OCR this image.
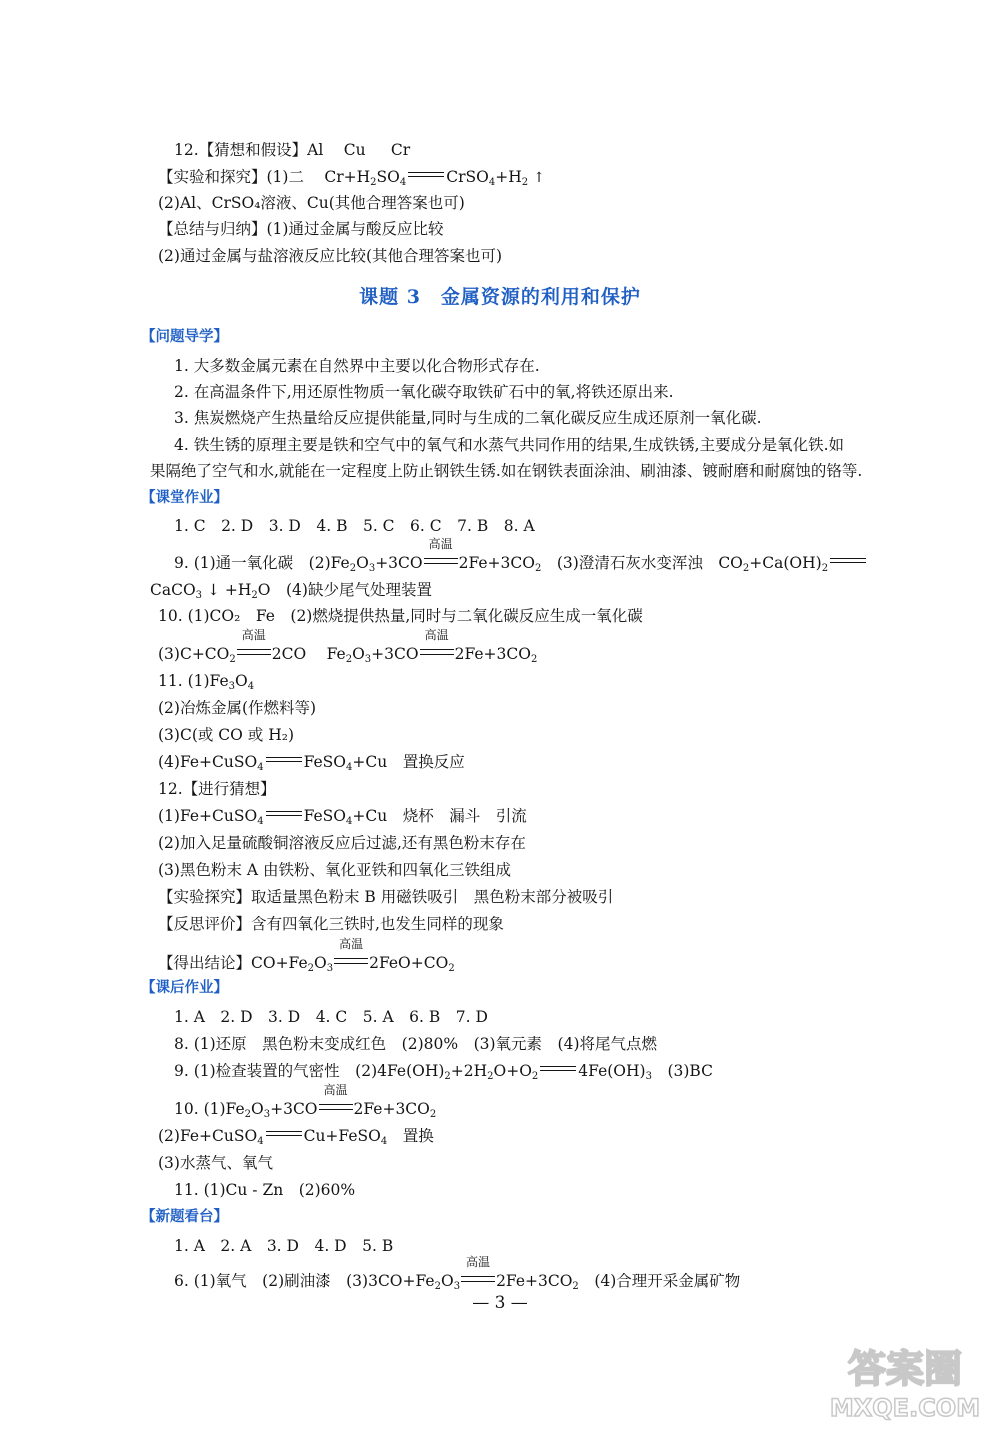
12.【猜想和假设】Al　 Cu 　 Cr
【实验和探究】(1)二　 $Cr+H_2SO_4$	$CrSO_4+H_2$ ↑
(2)Al、CrSO₄溶液、Cu(其他合理答案也可)
【总结与归纳】(1)通过金属与酸反应比较
(2)通过金属与盐溶液反应比较(其他合理答案也可)
课题 3　金属资源的利用和保护
【问题导学】
1. 大多数金属元素在自然界中主要以化合物形式存在.
2. 在高温条件下,用还原性物质一氧化碳夺取铁矿石中的氧,将铁还原出来.
3. 焦炭燃烧产生热量给反应提供能量,同时与生成的二氧化碳反应生成还原剂一氧化碳.
4. 铁生锈的原理主要是铁和空气中的氧气和水蒸气共同作用的结果,生成铁锈,主要成分是氧化铁.如
果隔绝了空气和水,就能在一定程度上防止钢铁生锈.如在钢铁表面涂油、刷油漆、镀耐磨和耐腐蚀的铬等.
【课堂作业】
1. C　2. D　3. D　4. B　5. C　6. C　7. B　8. A
9. (1)通一氧化碳　$(2)Fe_2O_3+3CO$
高温
$2Fe+3CO_2$　 (3)澄清石灰水变浑浊　$CO_2+Ca(OH)_2$
CaCO$_3$ ↓ $+H_2O$　(4)缺少尾气处理装置
10. (1)CO₂　Fe　(2)燃烧提供热量,同时与二氧化碳反应生成一氧化碳
$(3)C+CO_2$
高温
2CO　 $Fe_2O_3+3CO$
高温
$2Fe+3CO_2$
11. $(1)Fe_3O_4$
(2)冶炼金属(作燃料等)
(3)C(或 CO 或 H₂)
(4)Fe+CuSO$_4$	FeSO$_4$+Cu　置换反应
12.【进行猜想】
(1)Fe+CuSO$_4$	FeSO$_4$+Cu　烧杯　漏斗　引流
(2)加入足量硫酸铜溶液反应后过滤,还有黑色粉末存在
(3)黑色粉末 A 由铁粉、氧化亚铁和四氧化三铁组成
【实验探究】取适量黑色粉末 B 用磁铁吸引　黑色粉末部分被吸引
【反思评价】含有四氧化三铁时,也发生同样的现象
【得出结论】$CO+Fe_2O_3$
高温
$2FeO+CO_2$
【课后作业】
1. A　2. D　3. D　4. C　5. A　6. B　7. D
8. (1)还原　黑色粉末变成红色　(2)80%　(3)氧元素　(4)将尾气点燃
9. (1)检查装置的气密性　$(2)4Fe(OH)_2+2H_2O+O_2$	$4Fe(OH)_3$　 (3)BC
10. $(1)Fe_2O_3+3CO$
高温
$2Fe+3CO_2$
(2)Fe+CuSO$_4$	Cu+FeSO$_4$　 置换
(3)水蒸气、氧气
11. (1)Cu - Zn　(2)60%
【新题看台】
1. A　2. A　3. D　4. D　5. B
6. (1)氧气　(2)刷油漆　$(3)3CO+Fe_2O_3$
高温
$2Fe+3CO_2$　 (4)合理开采金属矿物
— 3 —
答案圈
MXQE.COM
